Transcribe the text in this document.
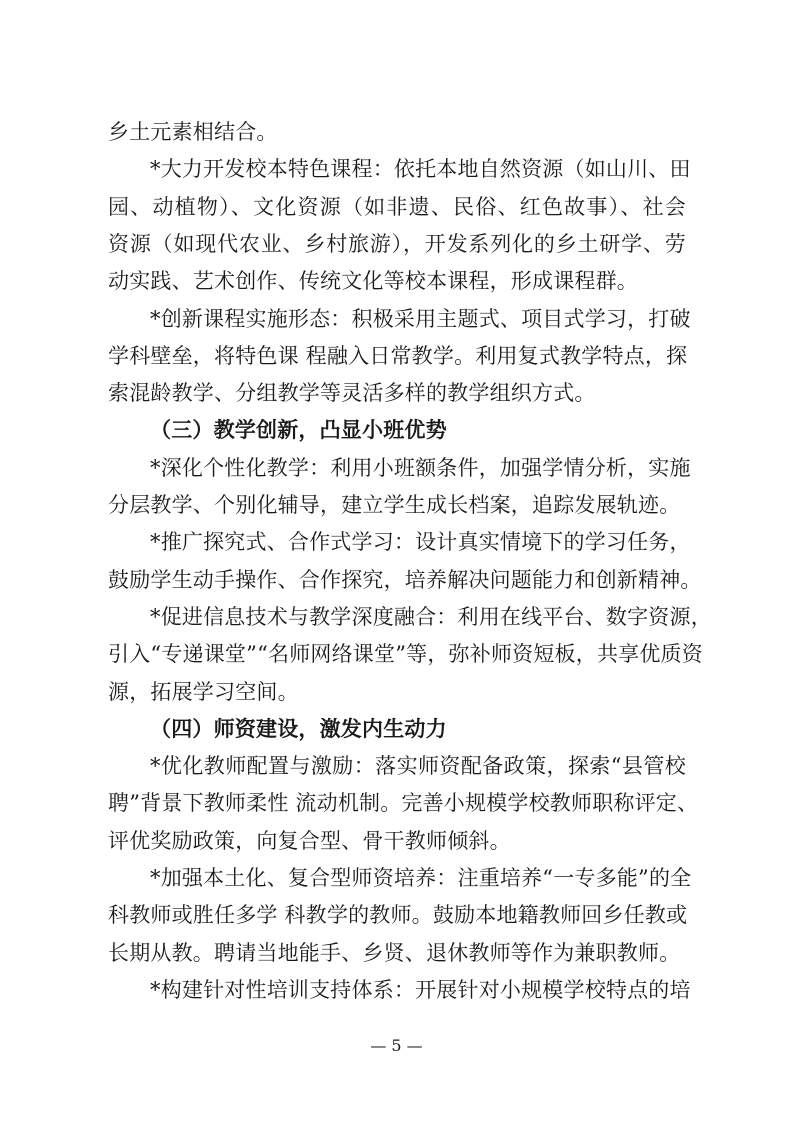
乡土元素相结合。
*大力开发校本特色课程：依托本地自然资源（如山川、田
园、动植物）、文化资源（如非遗、民俗、红色故事）、社会
资源（如现代农业、乡村旅游），开发系列化的乡土研学、劳
动实践、艺术创作、传统文化等校本课程，形成课程群。
*创新课程实施形态：积极采用主题式、项目式学习，打破
学科壁垒，将特色课 程融入日常教学。利用复式教学特点，探
索混龄教学、分组教学等灵活多样的教学组织方式。
（三）教学创新，凸显小班优势
*深化个性化教学：利用小班额条件，加强学情分析，实施
分层教学、个别化辅导，建立学生成长档案，追踪发展轨迹。
*推广探究式、合作式学习：设计真实情境下的学习任务，
鼓励学生动手操作、合作探究，培养解决问题能力和创新精神。
*促进信息技术与教学深度融合：利用在线平台、数字资源，
引入“专递课堂”“名师网络课堂”等，弥补师资短板，共享优质资
源，拓展学习空间。
（四）师资建设，激发内生动力
*优化教师配置与激励：落实师资配备政策，探索“县管校
聘”背景下教师柔性 流动机制。完善小规模学校教师职称评定、
评优奖励政策，向复合型、骨干教师倾斜。
*加强本土化、复合型师资培养：注重培养“一专多能”的全
科教师或胜任多学 科教学的教师。鼓励本地籍教师回乡任教或
长期从教。聘请当地能手、乡贤、退休教师等作为兼职教师。
*构建针对性培训支持体系：开展针对小规模学校特点的培
— 5 —
